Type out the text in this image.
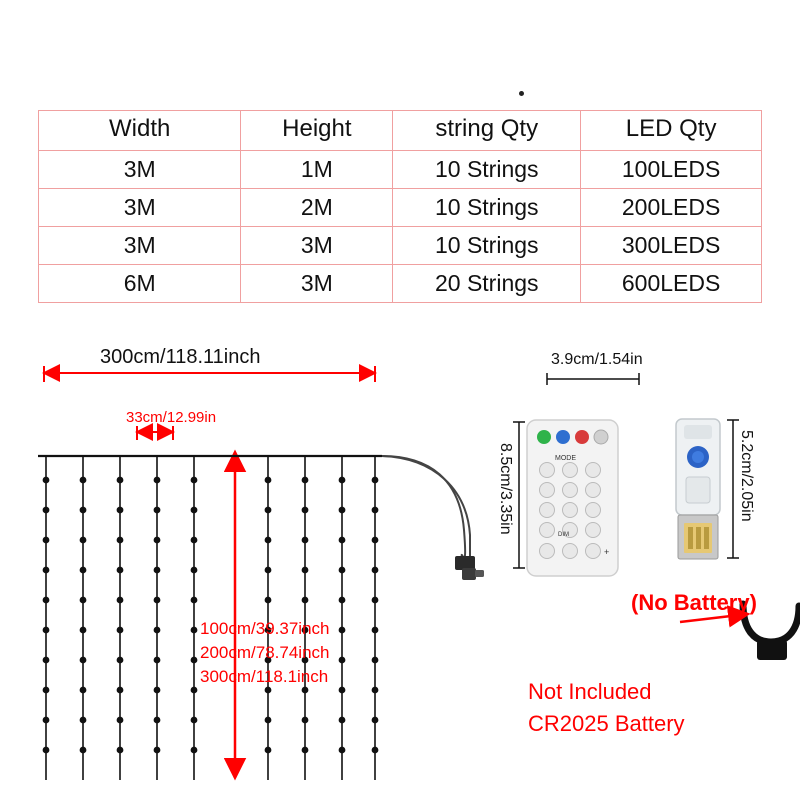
Width	Height	string Qty	LED Qty
3M	1M	10 Strings	100LEDS
3M	2M	10 Strings	200LEDS
3M	3M	10 Strings	300LEDS
6M	3M	20 Strings	600LEDS
MODE
DIM
+
300cm/118.11inch
33cm/12.99in
100cm/39.37inch
200cm/78.74inch
300cm/118.1inch
3.9cm/1.54in
8.5cm/3.35in	5.2cm/2.05in
(No Battery)
Not Included
CR2025 Battery
